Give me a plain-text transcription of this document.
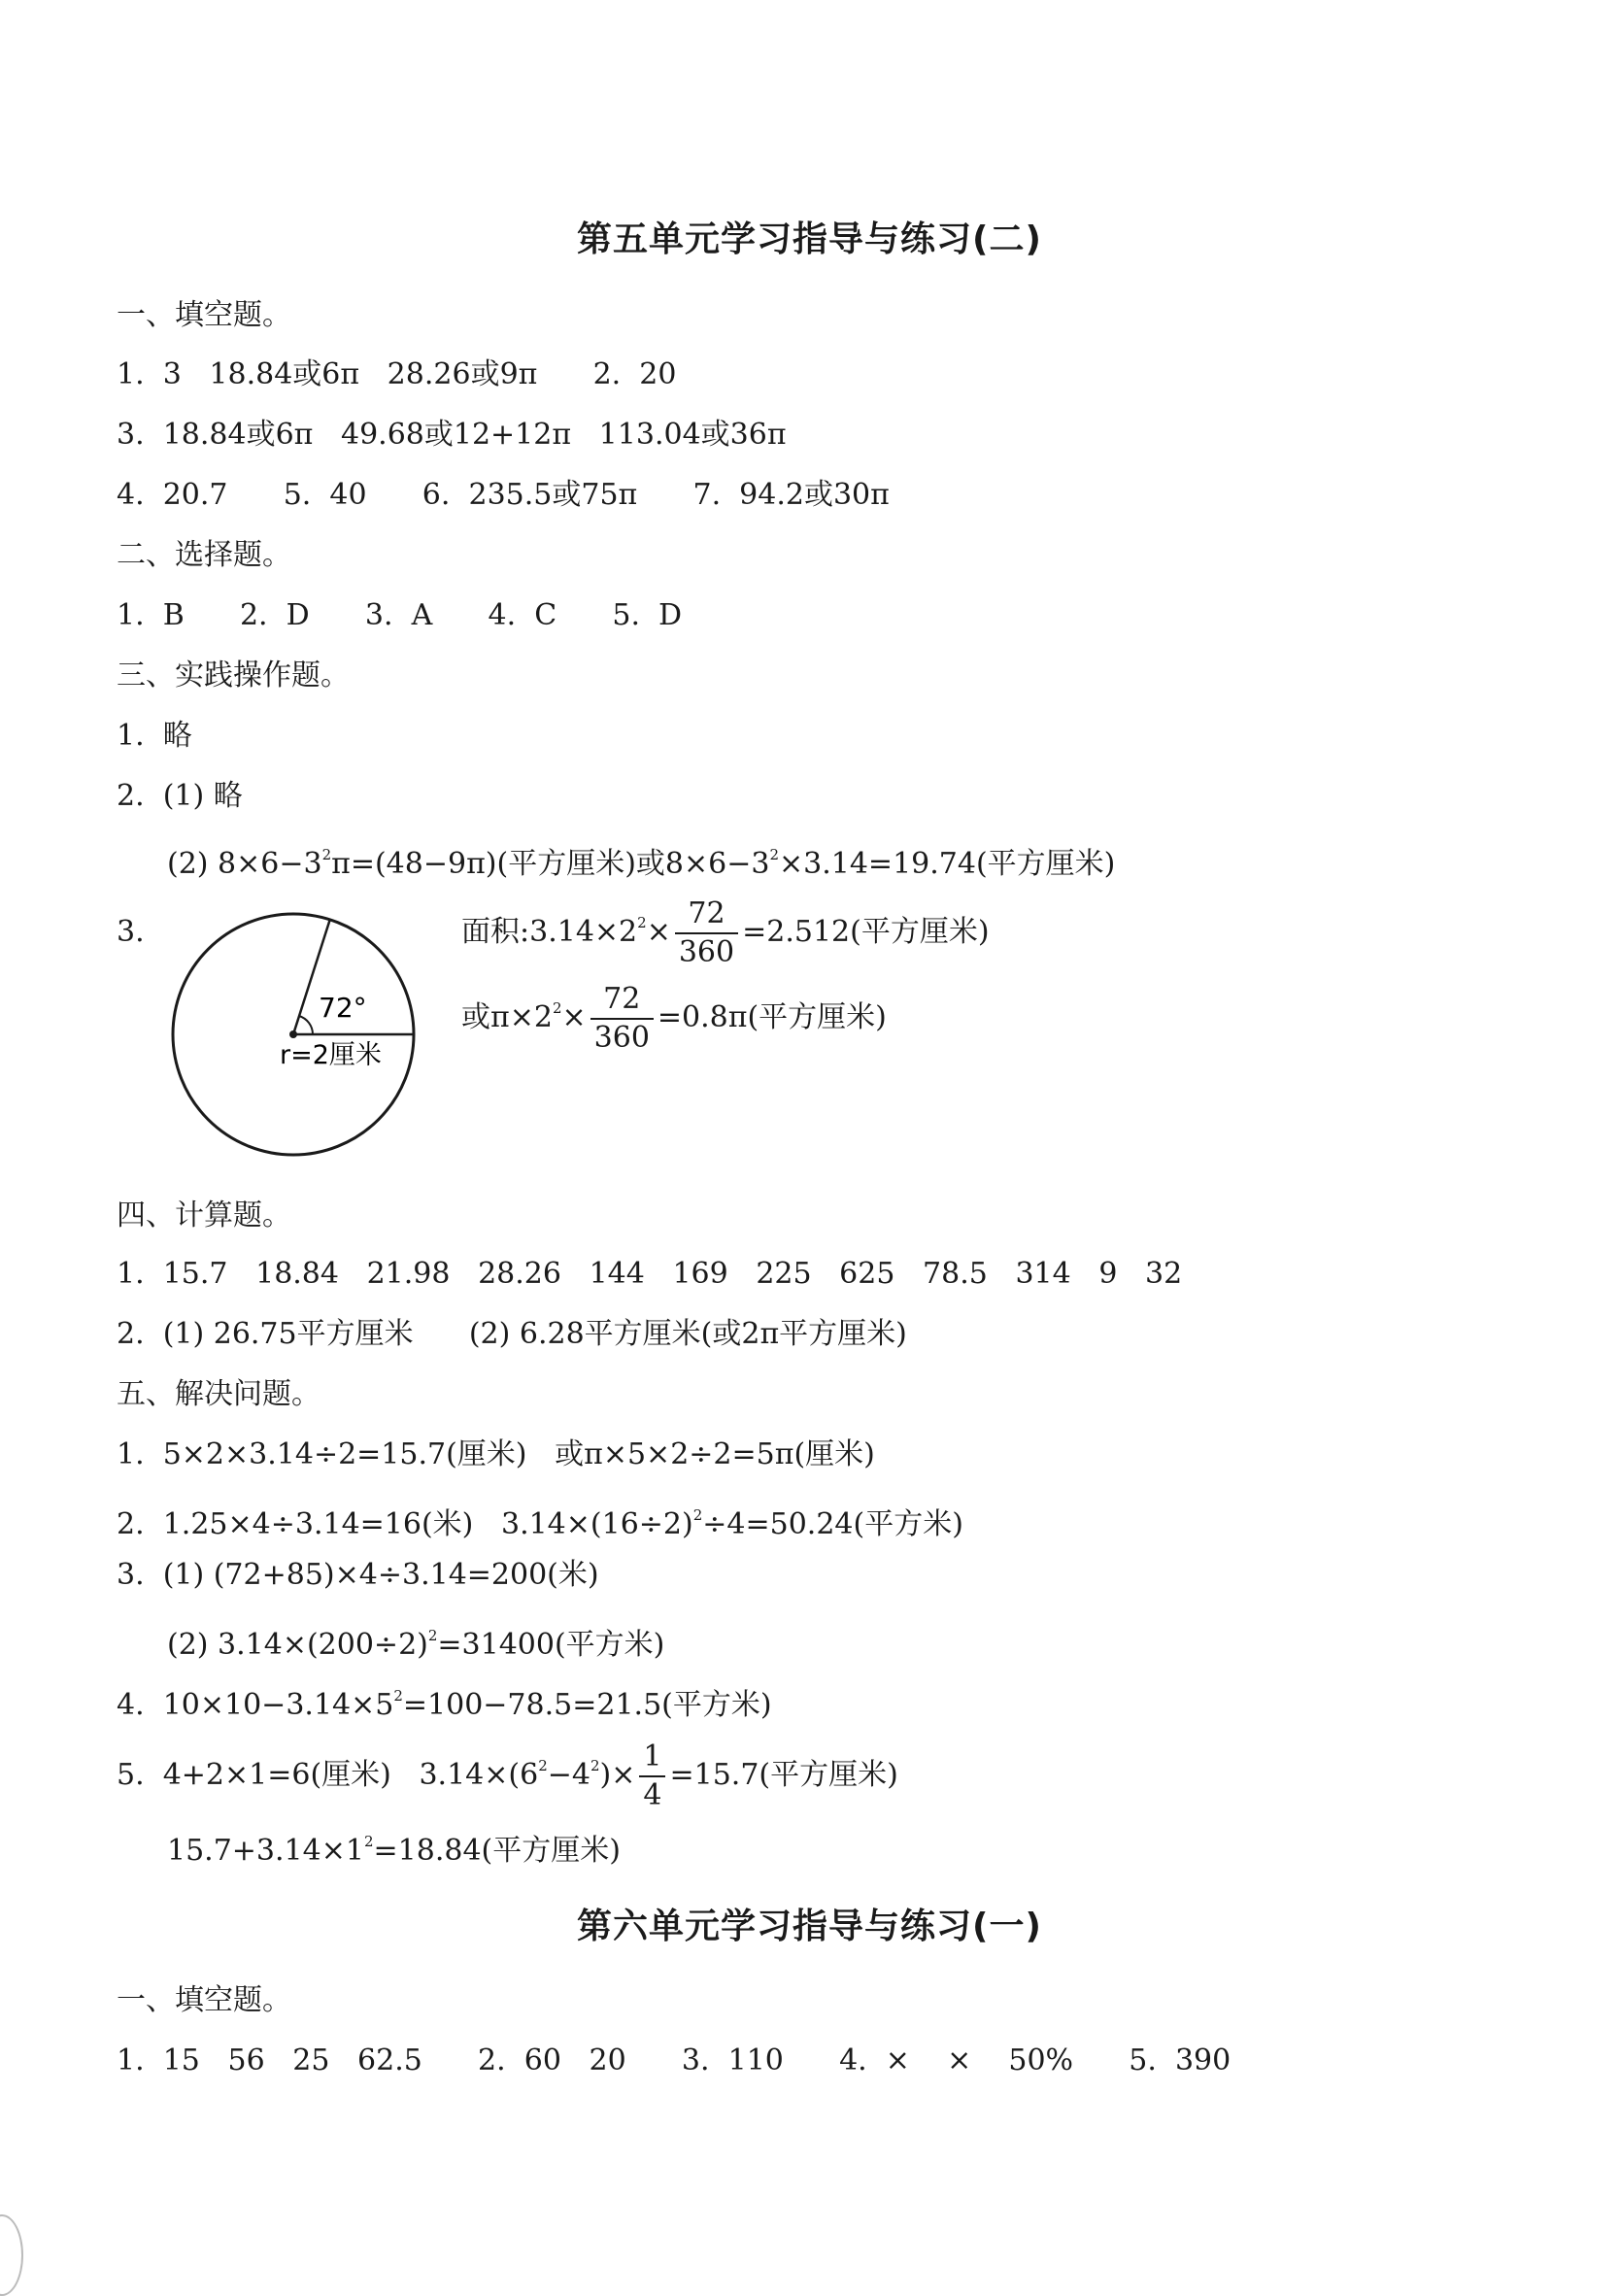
第五单元学习指导与练习(二)
一、填空题。
1.  3   18.84或6π   28.26或9π      2.  20
3.  18.84或6π   49.68或12+12π   113.04或36π
4.  20.7      5.  40      6.  235.5或75π      7.  94.2或30π
二、选择题。
1.  B      2.  D      3.  A      4.  C      5.  D
三、实践操作题。
1.  略
2.  (1) 略
(2) $8\times 6-3^2\pi=(48-9\pi)$(平方厘米)或$8\times 6-3^2\times 3.14=19.74$(平方厘米)
3.
72°
r=2厘米
面积$:3.14\times 2^2\times \frac{72}{360} =2.512$(平方厘米)
或$\pi\times 2^2\times \frac{72}{360} =0.8\pi$(平方厘米)
四、计算题。
1.  15.7   18.84   21.98   28.26   144   169   225   625   78.5   314   9   32
2.  (1) 26.75平方厘米      (2) 6.28平方厘米(或2π平方厘米)
五、解决问题。
1.  5×2×3.14÷2=15.7(厘米)   或π×5×2÷2=5π(厘米)
2.  1.25×4÷3.14=16(米)   $3.14\times(16\div 2)^2\div 4=50.24$(平方米)
3.  (1) (72+85)×4÷3.14=200(米)
(2) $3.14\times(200\div 2)^2=31400$(平方米)
4.  $10\times 10-3.14\times 5^2=100-78.5=21.5$(平方米)
5.  4+2×1=6(厘米)   $3.14\times(6^2-4^2)\times \frac{1}{4} =15.7$(平方厘米)
$15.7+3.14\times 1^2=18.84$(平方厘米)
第六单元学习指导与练习(一)
一、填空题。
1.  15   56   25   62.5      2.  60   20      3.  110      4.  ×    ×    50%      5.  390
